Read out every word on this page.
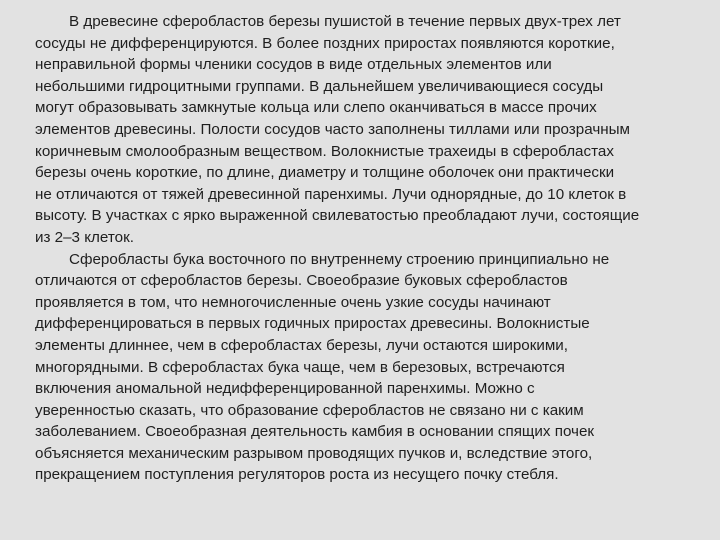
В древесине сферобластов березы пушистой в течение первых двух-трех лет
сосуды не дифференцируются. В более поздних приростах появляются короткие,
неправильной формы членики сосудов в виде отдельных элементов или
небольшими гидроцитными группами. В дальнейшем увеличивающиеся сосуды
могут образовывать замкнутые кольца или слепо оканчиваться в массе прочих
элементов древесины. Полости сосудов часто заполнены тиллами или прозрачным
коричневым смолообразным веществом. Волокнистые трахеиды в сферобластах
березы очень короткие, по длине, диаметру и толщине оболочек они практически
не отличаются от тяжей древесинной паренхимы. Лучи однорядные, до 10 клеток в
высоту. В участках с ярко выраженной свилеватостью преобладают лучи, состоящие
из 2–3 клеток.

Сферобласты бука восточного по внутреннему строению принципиально не
отличаются от сферобластов березы. Своеобразие буковых сферобластов
проявляется в том, что немногочисленные очень узкие сосуды начинают
дифференцироваться в первых годичных приростах древесины. Волокнистые
элементы длиннее, чем в сферобластах березы, лучи остаются широкими,
многорядными. В сферобластах бука чаще, чем в березовых, встречаются
включения аномальной недифференцированной паренхимы. Можно с
уверенностью сказать, что образование сферобластов не связано ни с каким
заболеванием. Своеобразная деятельность камбия в основании спящих почек
объясняется механическим разрывом проводящих пучков и, вследствие этого,
прекращением поступления регуляторов роста из несущего почку стебля.
